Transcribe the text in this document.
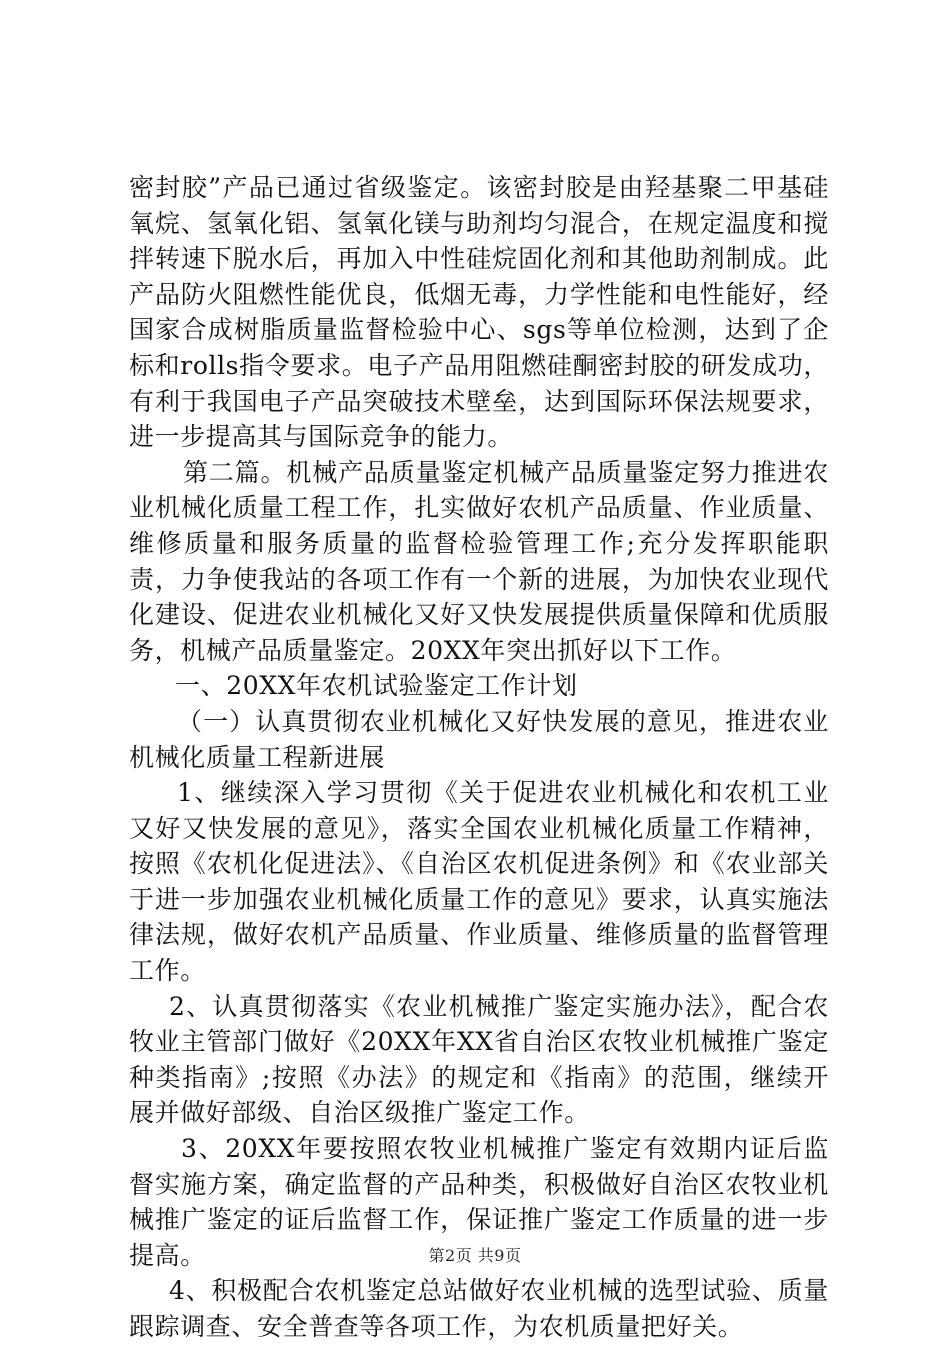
密封胶”产品已通过省级鉴定。该密封胶是由羟基聚二甲基硅氧烷、氢氧化铝、氢氧化镁与助剂均匀混合，在规定温度和搅拌转速下脱水后，再加入中性硅烷固化剂和其他助剂制成。此产品防火阻燃性能优良，低烟无毒，力学性能和电性能好，经国家合成树脂质量监督检验中心、sgs等单位检测，达到了企标和rolls指令要求。电子产品用阻燃硅酮密封胶的研发成功，有利于我国电子产品突破技术壁垒，达到国际环保法规要求，进一步提高其与国际竞争的能力。

第二篇。机械产品质量鉴定机械产品质量鉴定努力推进农业机械化质量工程工作，扎实做好农机产品质量、作业质量、维修质量和服务质量的监督检验管理工作;充分发挥职能职责，力争使我站的各项工作有一个新的进展，为加快农业现代化建设、促进农业机械化又好又快发展提供质量保障和优质服务，机械产品质量鉴定。20XX年突出抓好以下工作。

一、20XX年农机试验鉴定工作计划

（一）认真贯彻农业机械化又好快发展的意见，推进农业机械化质量工程新进展

1、继续深入学习贯彻《关于促进农业机械化和农机工业又好又快发展的意见》，落实全国农业机械化质量工作精神，按照《农机化促进法》、《自治区农机促进条例》和《农业部关于进一步加强农业机械化质量工作的意见》要求，认真实施法律法规，做好农机产品质量、作业质量、维修质量的监督管理工作。

2、认真贯彻落实《农业机械推广鉴定实施办法》，配合农牧业主管部门做好《20XX年XX省自治区农牧业机械推广鉴定种类指南》;按照《办法》的规定和《指南》的范围，继续开展并做好部级、自治区级推广鉴定工作。

3、20XX年要按照农牧业机械推广鉴定有效期内证后监督实施方案，确定监督的产品种类，积极做好自治区农牧业机械推广鉴定的证后监督工作，保证推广鉴定工作质量的进一步提高。

4、积极配合农机鉴定总站做好农业机械的选型试验、质量跟踪调查、安全普查等各项工作，为农机质量把好关。

第2页 共9页
